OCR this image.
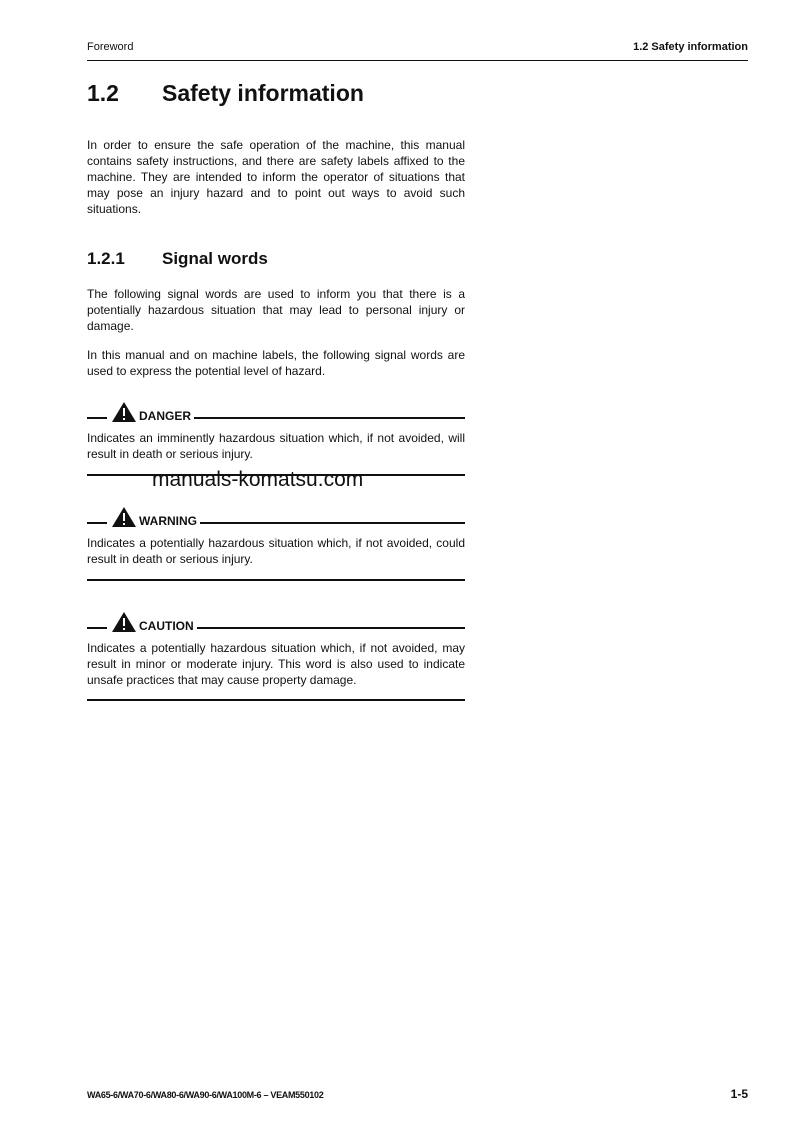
Foreword	1.2 Safety information
1.2 Safety information
In order to ensure the safe operation of the machine, this manual contains safety instructions, and there are safety labels affixed to the machine. They are intended to inform the operator of situations that may pose an injury hazard and to point out ways to avoid such situations.
1.2.1 Signal words
The following signal words are used to inform you that there is a potentially hazardous situation that may lead to personal injury or damage.
In this manual and on machine labels, the following signal words are used to express the potential level of hazard.
DANGER
Indicates an imminently hazardous situation which, if not avoided, will result in death or serious injury.
manuals-komatsu.com
WARNING
Indicates a potentially hazardous situation which, if not avoided, could result in death or serious injury.
CAUTION
Indicates a potentially hazardous situation which, if not avoided, may result in minor or moderate injury. This word is also used to indicate unsafe practices that may cause property damage.
WA65-6/WA70-6/WA80-6/WA90-6/WA100M-6 – VEAM550102	1-5
